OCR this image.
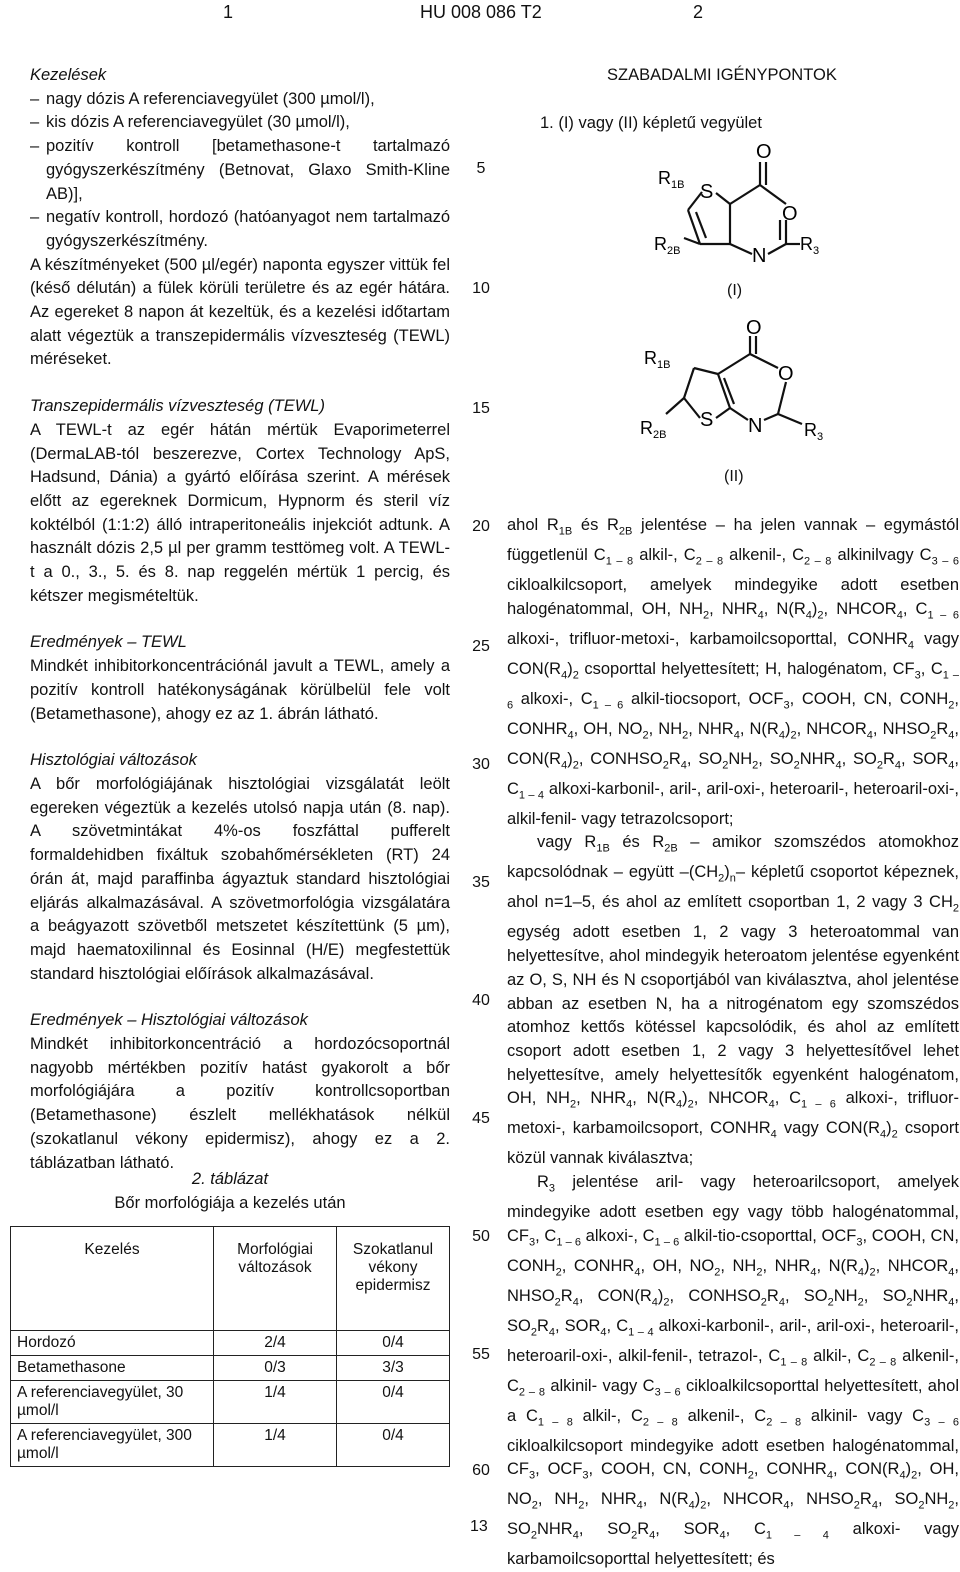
1	HU 008 086 T2	2

Kezelések

– nagy dózis A referenciavegyület (300 µmol/l),

– kis dózis A referenciavegyület (30 µmol/l),

– pozitív kontroll [betamethasone-t tartalmazó gyógyszerkészítmény (Betnovat, Glaxo Smith-Kline AB)],

– negatív kontroll, hordozó (hatóanyagot nem tartalmazó gyógyszerkészítmény.

A készítményeket (500 µl/egér) naponta egyszer vittük fel (késő délután) a fülek körüli területre és az egér hátára. Az egereket 8 napon át kezeltük, és a kezelési időtartam alatt végeztük a transzepidermális vízveszteség (TEWL) méréseket.

Transzepidermális vízveszteség (TEWL)

A TEWL-t az egér hátán mértük Evaporimeterrel (DermaLAB-tól beszerezve, Cortex Technology ApS, Hadsund, Dánia) a gyártó előírása szerint. A mérések előtt az egereknek Dormicum, Hypnorm és steril víz koktélból (1:1:2) álló intraperitoneális injekciót adtunk. A használt dózis 2,5 µl per gramm testtömeg volt. A TEWL-t a 0., 3., 5. és 8. nap reggelén mértük 1 percig, és kétszer megismételtük.

Eredmények – TEWL

Mindkét inhibitorkoncentrációnál javult a TEWL, amely a pozitív kontroll hatékonyságának körülbelül fele volt (Betamethasone), ahogy ez az 1. ábrán látható.

Hisztológiai változások

A bőr morfológiájának hisztológiai vizsgálatát leölt egereken végeztük a kezelés utolsó napja után (8. nap). A szövetmintákat 4%-os foszfáttal pufferelt formaldehidben fixáltuk szobahőmérsékleten (RT) 24 órán át, majd paraffinba ágyaztuk standard hisztológiai eljárás alkalmazásával. A szövetmorfológia vizsgálatára a beágyazott szövetből metszetet készítettünk (5 µm), majd haematoxilinnal és Eosinnal (H/E) megfestettük standard hisztológiai előírások alkalmazásával.

Eredmények – Hisztológiai változások

Mindkét inhibitorkoncentráció a hordozócsoportnál nagyobb mértékben pozitív hatást gyakorolt a bőr morfológiájára a pozitív kontrollcsoportban (Betamethasone) észlelt mellékhatások nélkül (szokatlanul vékony epidermisz), ahogy ez a 2. táblázatban látható.

2. táblázat
Bőr morfológiája a kezelés után
Kezelés	Morfológiai változások	Szokatlanul vékony epidermisz
Hordozó	2/4	0/4
Betamethasone	0/3	3/3
A referenciavegyület, 30 µmol/l	1/4	0/4
A referenciavegyület, 300 µmol/l	1/4	0/4
5
10
15
20
25
30
35
40
45
50
55
60
SZABADALMI IGÉNYPONTOK
1. (I) vagy (II) képletű vegyület
O
O
S
N
$R_{1B}$
$R_{2B}$	$R_3$
(I)
O
O
S N
$R_{1B}$
$R_{2B}$	$R_3$
(II)

ahol $R_{1B}$ és $R_{2B}$ jelentése – ha jelen vannak – egymástól függetlenül $C_{1 - 8}$ alkil-, $C_{2 - 8}$ alkenil-, $C_{2 - 8}$ alkinilvagy $C_{3 - 6}$ cikloalkilcsoport, amelyek mindegyike adott esetben halogénatommal, OH, $NH_2$, $NHR_4$, $N(R_4)_2$, $NHCOR_4$, $C_{1 - 6}$ alkoxi-, trifluor-metoxi-, karbamoilcsoporttal, $CONHR_4$ vagy $CON(R_4)_2$ csoporttal helyettesített; H, halogénatom, $CF_3$, $C_{1 - 6}$ alkoxi-, $C_{1 - 6}$ alkil-tiocsoport, $OCF_3$, COOH, CN, $CONH_2$, $CONHR_4$, OH, $NO_2$, $NH_2$, $NHR_4$, $N(R_4)_2$, $NHCOR_4$, $NHSO_2R_4$, $CON(R_4)_2$, $CONHSO_2R_4$, $SO_2NH_2$, $SO_2NHR_4$, $SO_2R_4$, $SOR_4$, $C_{1 - 4}$ alkoxi-karbonil-, aril-, aril-oxi-, heteroaril-, heteroaril-oxi-, alkil-fenil- vagy tetrazolcsoport;

vagy $R_{1B}$ és $R_{2B}$ – amikor szomszédos atomokhoz kapcsolódnak – együtt $-(CH_2)_n-$ képletű csoportot képeznek, ahol n=1–5, és ahol az említett csoportban 1, 2 vagy 3 $CH_2$ egység adott esetben 1, 2 vagy 3 heteroatommal van helyettesítve, ahol mindegyik heteroatom jelentése egyenként az O, S, NH és N csoportjából van kiválasztva, ahol jelentése abban az esetben N, ha a nitrogénatom egy szomszédos atomhoz kettős kötéssel kapcsolódik, és ahol az említett csoport adott esetben 1, 2 vagy 3 helyettesítővel lehet helyettesítve, amely helyettesítők egyenként halogénatom, OH, $NH_2$, $NHR_4$, $N(R_4)_2$, $NHCOR_4$, $C_{1 - 6}$ alkoxi-, trifluor-metoxi-, karbamoilcsoport, $CONHR_4$ vagy $CON(R_4)_2$ csoport közül vannak kiválasztva;

$R_3$ jelentése aril- vagy heteroarilcsoport, amelyek mindegyike adott esetben egy vagy több halogénatommal, $CF_3$, $C_{1 - 6}$ alkoxi-, $C_{1 - 6}$ alkil-tio-csoporttal, $OCF_3$, COOH, CN, $CONH_2$, $CONHR_4$, OH, $NO_2$, $NH_2$, $NHR_4$, $N(R_4)_2$, $NHCOR_4$, $NHSO_2R_4$, $CON(R_4)_2$, $CONHSO_2R_4$, $SO_2NH_2$, $SO_2NHR_4$, $SO_2R_4$, $SOR_4$, $C_{1 - 4}$ alkoxi-karbonil-, aril-, aril-oxi-, heteroaril-, heteroaril-oxi-, alkil-fenil-, tetrazol-, $C_{1 - 8}$ alkil-, $C_{2 - 8}$ alkenil-, $C_{2 - 8}$ alkinil- vagy $C_{3 - 6}$ cikloalkilcsoporttal helyettesített, ahol a $C_{1 - 8}$ alkil-, $C_{2 - 8}$ alkenil-, $C_{2 - 8}$ alkinil- vagy $C_{3 - 6}$ cikloalkilcsoport mindegyike adott esetben halogénatommal, $CF_3$, $OCF_3$, COOH, CN, $CONH_2$, $CONHR_4$, $CON(R_4)_2$, OH, $NO_2$, $NH_2$, $NHR_4$, $N(R_4)_2$, $NHCOR_4$, $NHSO_2R_4$, $SO_2NH_2$, $SO_2NHR_4$, $SO_2R_4$, $SOR_4$, $C_{1 - 4}$ alkoxi- vagy karbamoilcsoporttal helyettesített; és

13
